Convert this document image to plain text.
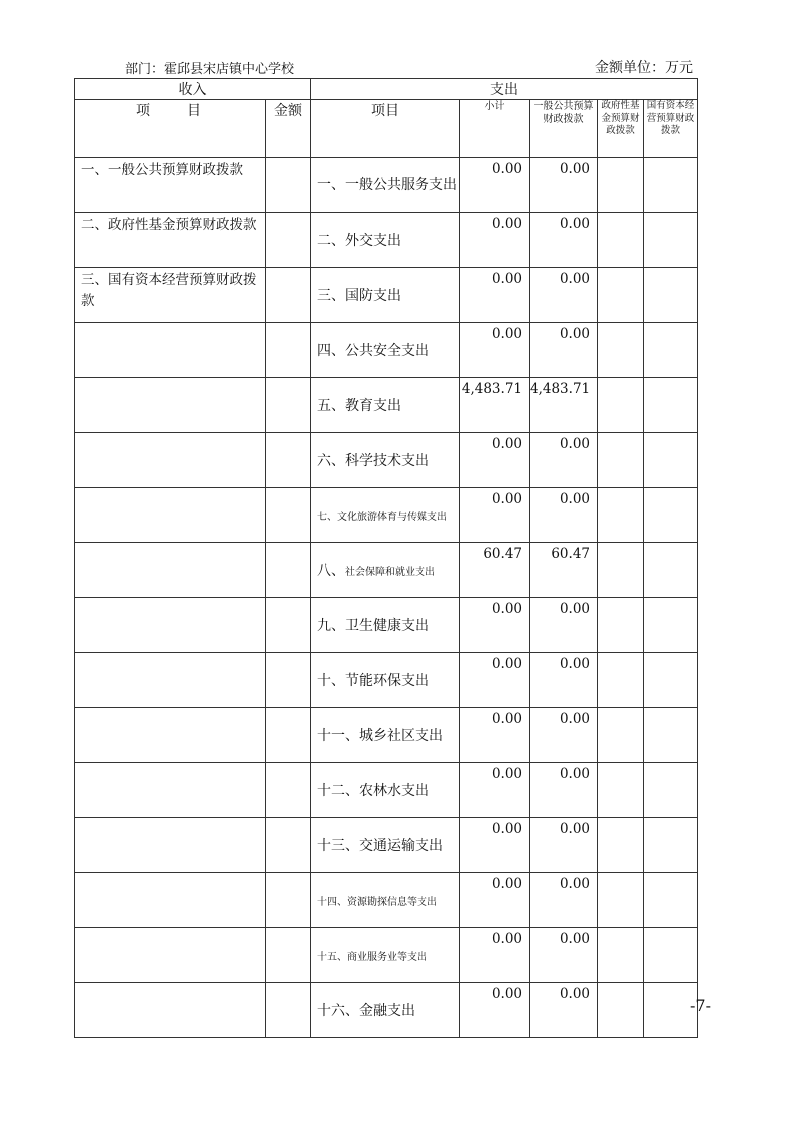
部门：霍邱县宋店镇中心学校	金额单位：万元
收入		支出				
项　　目	金额	项目	小计	一般公共预算财政拨款	政府性基金预算财政拨款	国有资本经营预算财政拨款
一、一般公共预算财政拨款		一、一般公共服务支出	0.00	0.00		
二、政府性基金预算财政拨款		二、外交支出	0.00	0.00		
三、国有资本经营预算财政拨款		三、国防支出	0.00	0.00		
		四、公共安全支出	0.00	0.00		
		五、教育支出	4,483.71	4,483.71		
		六、科学技术支出	0.00	0.00		
		七、文化旅游体育与传媒支出	0.00	0.00		
		八、社会保障和就业支出	60.47	60.47		
		九、卫生健康支出	0.00	0.00		
		十、节能环保支出	0.00	0.00		
		十一、城乡社区支出	0.00	0.00		
		十二、农林水支出	0.00	0.00		
		十三、交通运输支出	0.00	0.00		
		十四、资源勘探信息等支出	0.00	0.00		
		十五、商业服务业等支出	0.00	0.00		
		十六、金融支出	0.00	0.00		
-7-
